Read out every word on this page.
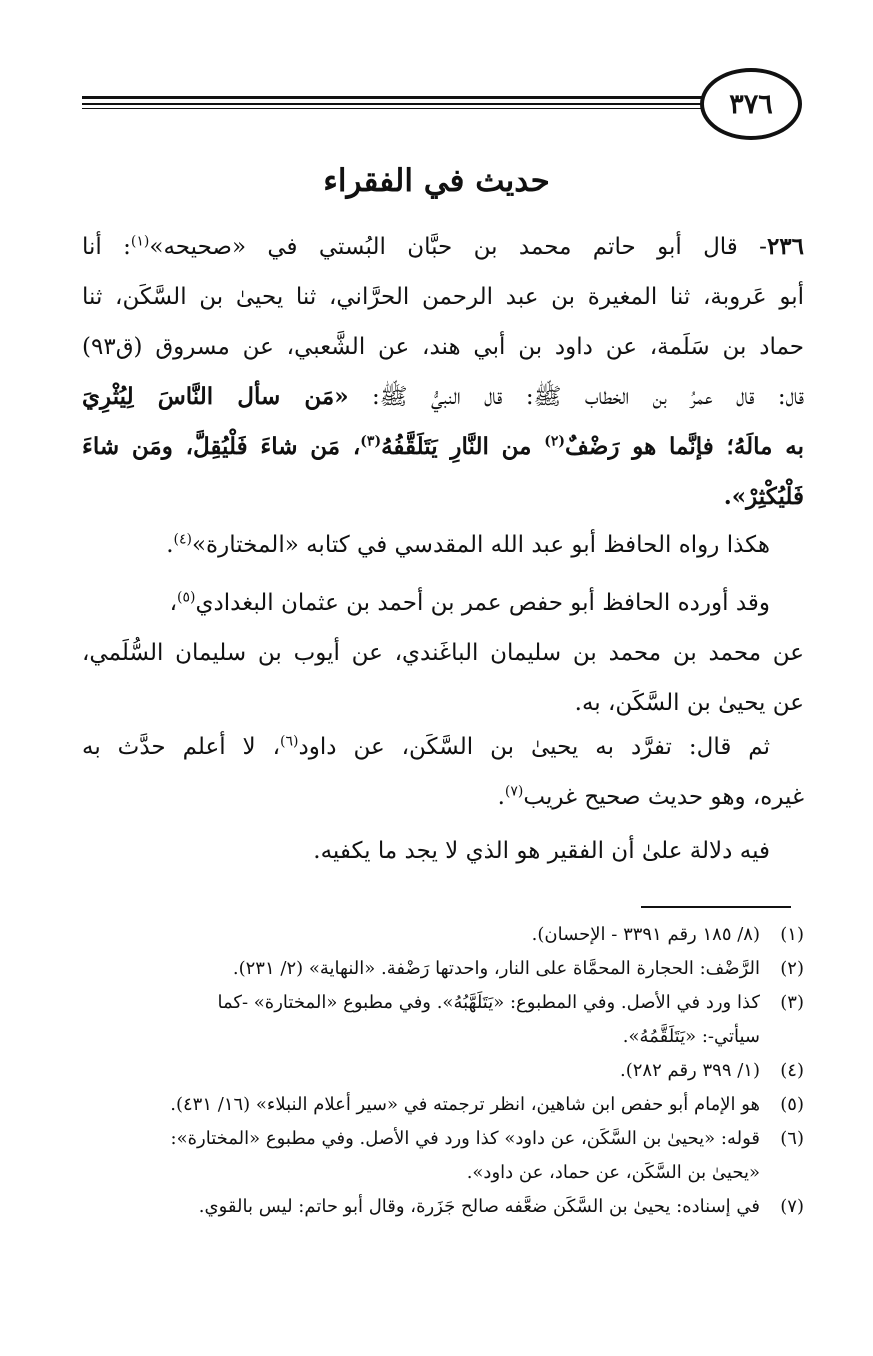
٣٧٦
حديث في الفقراء
٢٣٦- قال أبو حاتم محمد بن حبَّان البُستي في «صحيحه»$^{(١)}$: أنا
أبو عَروبة، ثنا المغيرة بن عبد الرحمن الحرَّاني، ثنا يحيىٰ بن السَّكَن، ثنا
حماد بن سَلَمة، عن داود بن أبي هند، عن الشَّعبي، عن مسروق (ق٩٣)
قال: قال عمرُ بن الخطاب ﷺ: قال النبيُّ ﷺ: «مَن سأل النَّاسَ لِيُثْرِيَ
به مالَهُ؛ فإنَّما هو رَضْفٌ$^{(٢)}$ من النَّارِ يَتَلَقَّفُهُ$^{(٣)}$، مَن شاءَ فَلْيُقِلَّ، ومَن شاءَ
فَلْيُكْثِرْ».
هكذا رواه الحافظ أبو عبد الله المقدسي في كتابه «المختارة»$^{(٤)}$.
وقد أورده الحافظ أبو حفص عمر بن أحمد بن عثمان البغدادي$^{(٥)}$،
عن محمد بن محمد بن سليمان الباغَندي، عن أيوب بن سليمان السُّلَمي،
عن يحيىٰ بن السَّكَن، به.
ثم قال: تفرَّد به يحيىٰ بن السَّكَن، عن داود$^{(٦)}$، لا أعلم حدَّث به
غيره، وهو حديث صحيح غريب$^{(٧)}$.
فيه دلالة علىٰ أن الفقير هو الذي لا يجد ما يكفيه.
(١)
(٨/ ١٨٥ رقم ٣٣٩١ - الإحسان).
(٢)
الرَّضْف: الحجارة المحمَّاة على النار، واحدتها رَضْفة. «النهاية» (٢/ ٢٣١).
(٣)
كذا ورد في الأصل. وفي المطبوع: «يَتَلَهَّبُهُ». وفي مطبوع «المختارة» -كما
سيأتي-: «يَتَلَقَّمُهُ».
(٤)
(١/ ٣٩٩ رقم ٢٨٢).
(٥)
هو الإمام أبو حفص ابن شاهين، انظر ترجمته في «سير أعلام النبلاء» (١٦/ ٤٣١).
(٦)
قوله: «يحيىٰ بن السَّكَن، عن داود» كذا ورد في الأصل. وفي مطبوع «المختارة»:
«يحيىٰ بن السَّكَن، عن حماد، عن داود».
(٧)
في إسناده: يحيىٰ بن السَّكَن ضعَّفه صالح جَزَرة، وقال أبو حاتم: ليس بالقوي.
